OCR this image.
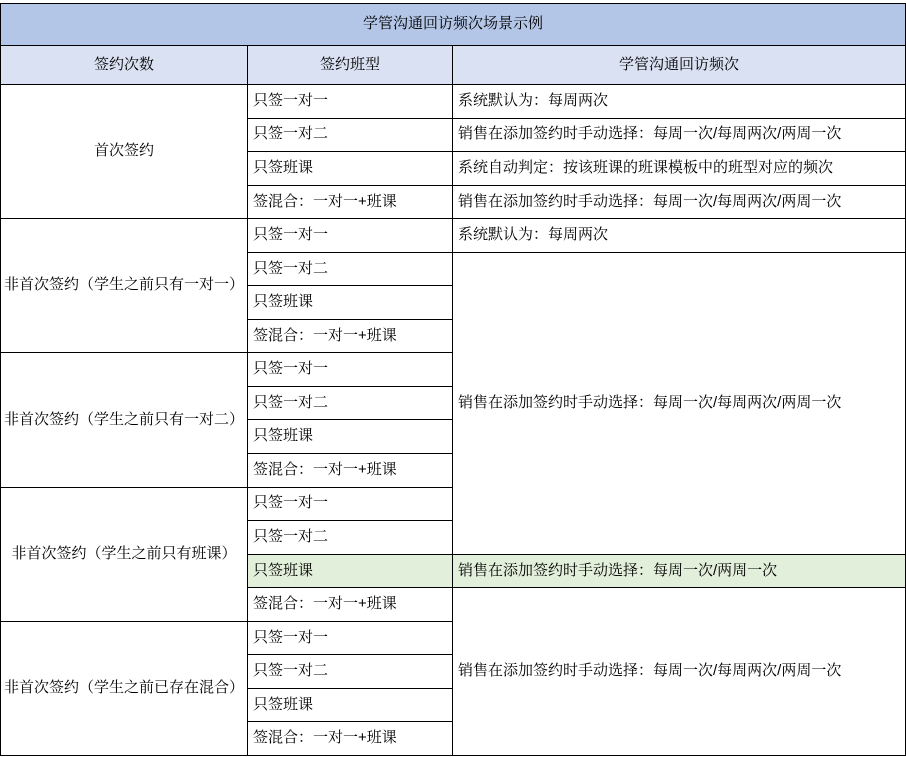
学管沟通回访频次场景示例		
签约次数	签约班型	学管沟通回访频次
首次签约	只签一对一	系统默认为：每周两次
	只签一对二	销售在添加签约时手动选择：每周一次/每周两次/两周一次
	只签班课	系统自动判定：按该班课的班课模板中的班型对应的频次
	签混合：一对一+班课	销售在添加签约时手动选择：每周一次/每周两次/两周一次
非首次签约（学生之前只有一对一）	只签一对一	系统默认为：每周两次
	只签一对二	销售在添加签约时手动选择：每周一次/每周两次/两周一次
	只签班课	
	签混合：一对一+班课	
非首次签约（学生之前只有一对二）	只签一对一	
	只签一对二	
	只签班课	
	签混合：一对一+班课	
非首次签约（学生之前只有班课）	只签一对一	
	只签一对二	
	只签班课	销售在添加签约时手动选择：每周一次/两周一次
	签混合：一对一+班课	销售在添加签约时手动选择：每周一次/每周两次/两周一次
非首次签约（学生之前已存在混合）	只签一对一	
	只签一对二	
	只签班课	
	签混合：一对一+班课	
